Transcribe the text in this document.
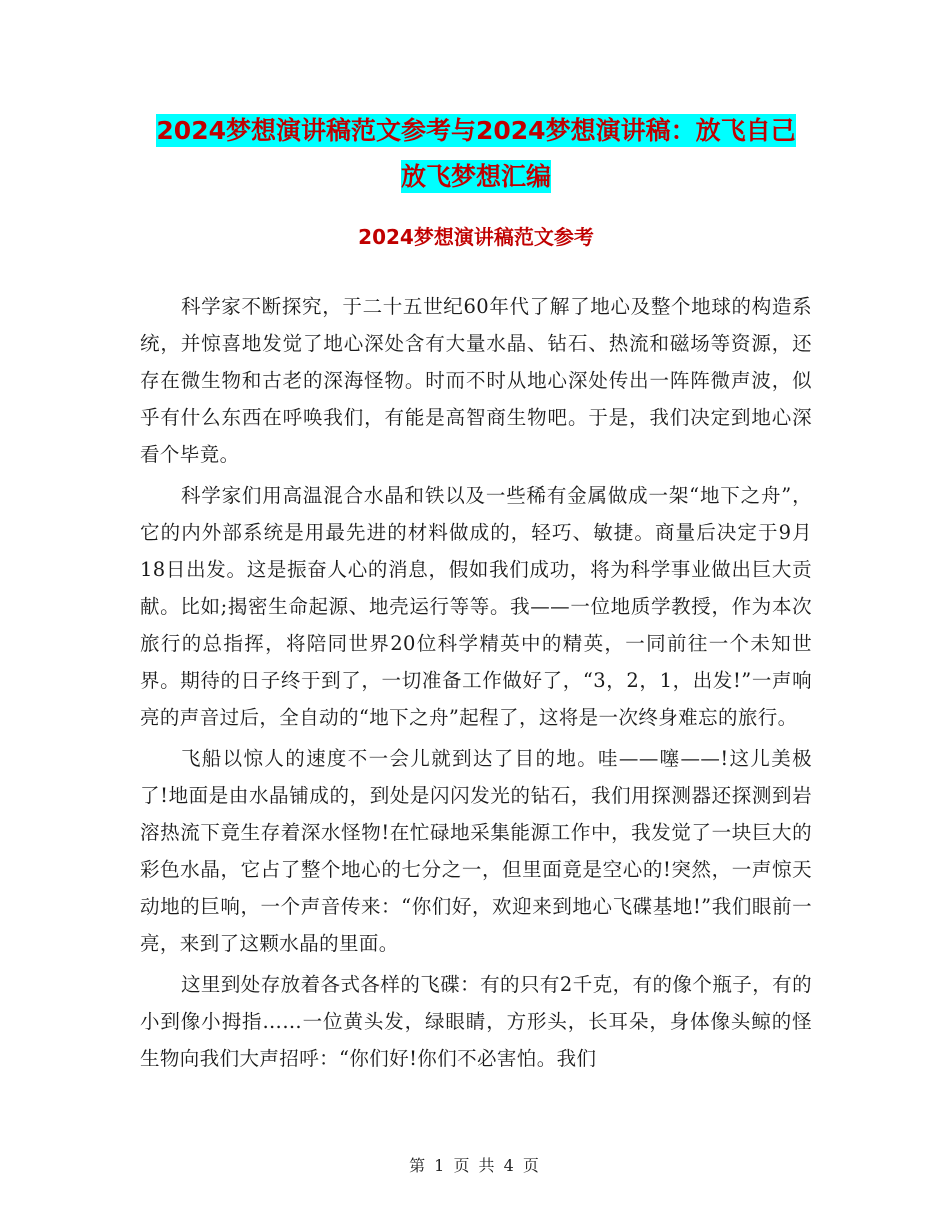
2024梦想演讲稿范文参考与2024梦想演讲稿：放飞自己 放飞梦想汇编
2024梦想演讲稿范文参考

科学家不断探究，于二十五世纪60年代了解了地心及整个地球的构造系统，并惊喜地发觉了地心深处含有大量水晶、钻石、热流和磁场等资源，还存在微生物和古老的深海怪物。时而不时从地心深处传出一阵阵微声波，似乎有什么东西在呼唤我们，有能是高智商生物吧。于是，我们决定到地心深看个毕竟。

科学家们用高温混合水晶和铁以及一些稀有金属做成一架“地下之舟”，它的内外部系统是用最先进的材料做成的，轻巧、敏捷。商量后决定于9月18日出发。这是振奋人心的消息，假如我们成功，将为科学事业做出巨大贡献。比如;揭密生命起源、地壳运行等等。我——一位地质学教授，作为本次旅行的总指挥，将陪同世界20位科学精英中的精英，一同前往一个未知世界。期待的日子终于到了，一切准备工作做好了，“3，2，1，出发!”一声响亮的声音过后，全自动的“地下之舟”起程了，这将是一次终身难忘的旅行。

飞船以惊人的速度不一会儿就到达了目的地。哇——噻——!这儿美极了!地面是由水晶铺成的，到处是闪闪发光的钻石，我们用探测器还探测到岩溶热流下竟生存着深水怪物!在忙碌地采集能源工作中，我发觉了一块巨大的彩色水晶，它占了整个地心的七分之一，但里面竟是空心的!突然，一声惊天动地的巨响，一个声音传来：“你们好，欢迎来到地心飞碟基地!”我们眼前一亮，来到了这颗水晶的里面。

这里到处存放着各式各样的飞碟：有的只有2千克，有的像个瓶子，有的小到像小拇指……一位黄头发，绿眼睛，方形头，长耳朵，身体像头鲸的怪生物向我们大声招呼：“你们好!你们不必害怕。我们

第 1 页 共 4 页
